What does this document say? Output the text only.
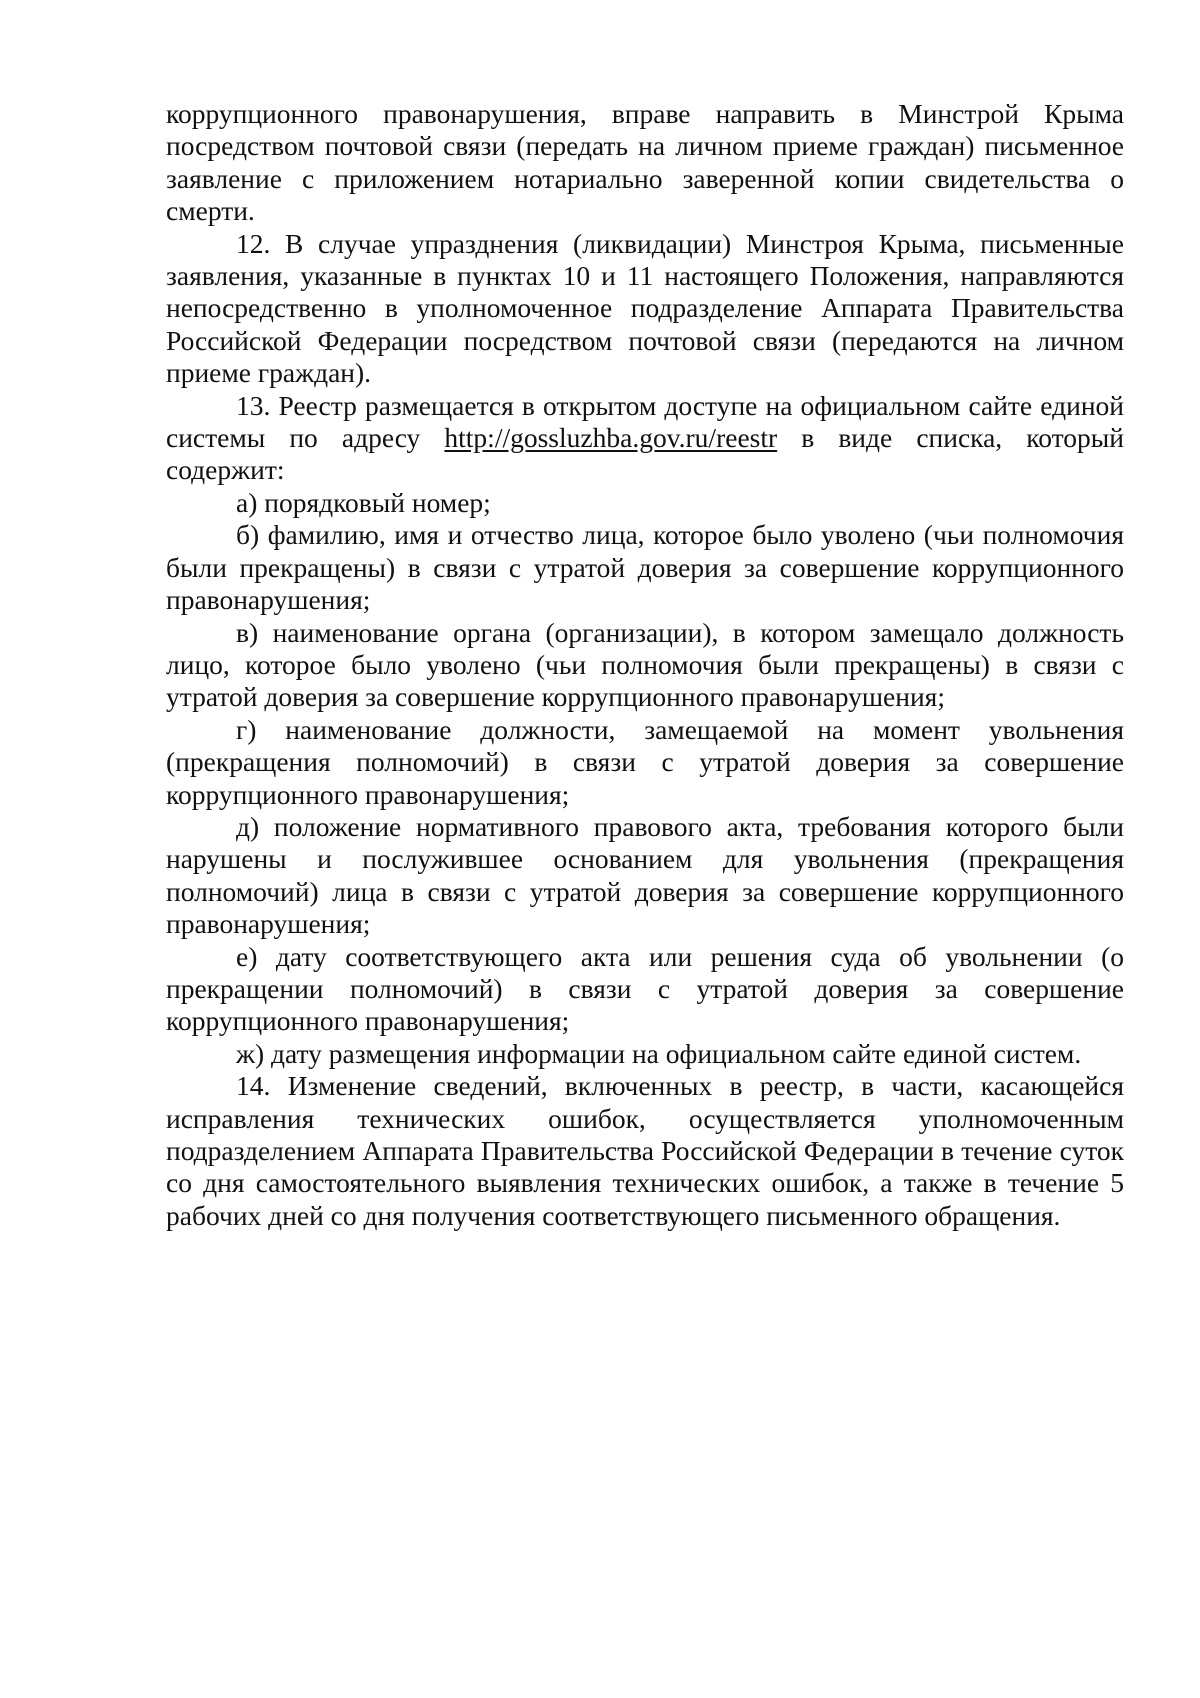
коррупционного правонарушения, вправе направить в Минстрой Крыма посредством почтовой связи (передать на личном приеме граждан) письменное заявление с приложением нотариально заверенной копии свидетельства о смерти.

12. В случае упразднения (ликвидации) Минстроя Крыма, письменные заявления, указанные в пунктах 10 и 11 настоящего Положения, направляются непосредственно в уполномоченное подразделение Аппарата Правительства Российской Федерации посредством почтовой связи (передаются на личном приеме граждан).

13. Реестр размещается в открытом доступе на официальном сайте единой системы по адресу http://gossluzhba.gov.ru/reestr в виде списка, который содержит:

а) порядковый номер;

б) фамилию, имя и отчество лица, которое было уволено (чьи полномочия были прекращены) в связи с утратой доверия за совершение коррупционного правонарушения;

в) наименование органа (организации), в котором замещало должность лицо, которое было уволено (чьи полномочия были прекращены) в связи с утратой доверия за совершение коррупционного правонарушения;

г) наименование должности, замещаемой на момент увольнения (прекращения полномочий) в связи с утратой доверия за совершение коррупционного правонарушения;

д) положение нормативного правового акта, требования которого были нарушены и послужившее основанием для увольнения (прекращения полномочий) лица в связи с утратой доверия за совершение коррупционного правонарушения;

е) дату соответствующего акта или решения суда об увольнении (о прекращении полномочий) в связи с утратой доверия за совершение коррупционного правонарушения;

ж) дату размещения информации на официальном сайте единой систем.

14. Изменение сведений, включенных в реестр, в части, касающейся исправления технических ошибок, осуществляется уполномоченным подразделением Аппарата Правительства Российской Федерации в течение суток со дня самостоятельного выявления технических ошибок, а также в течение 5 рабочих дней со дня получения соответствующего письменного обращения.
